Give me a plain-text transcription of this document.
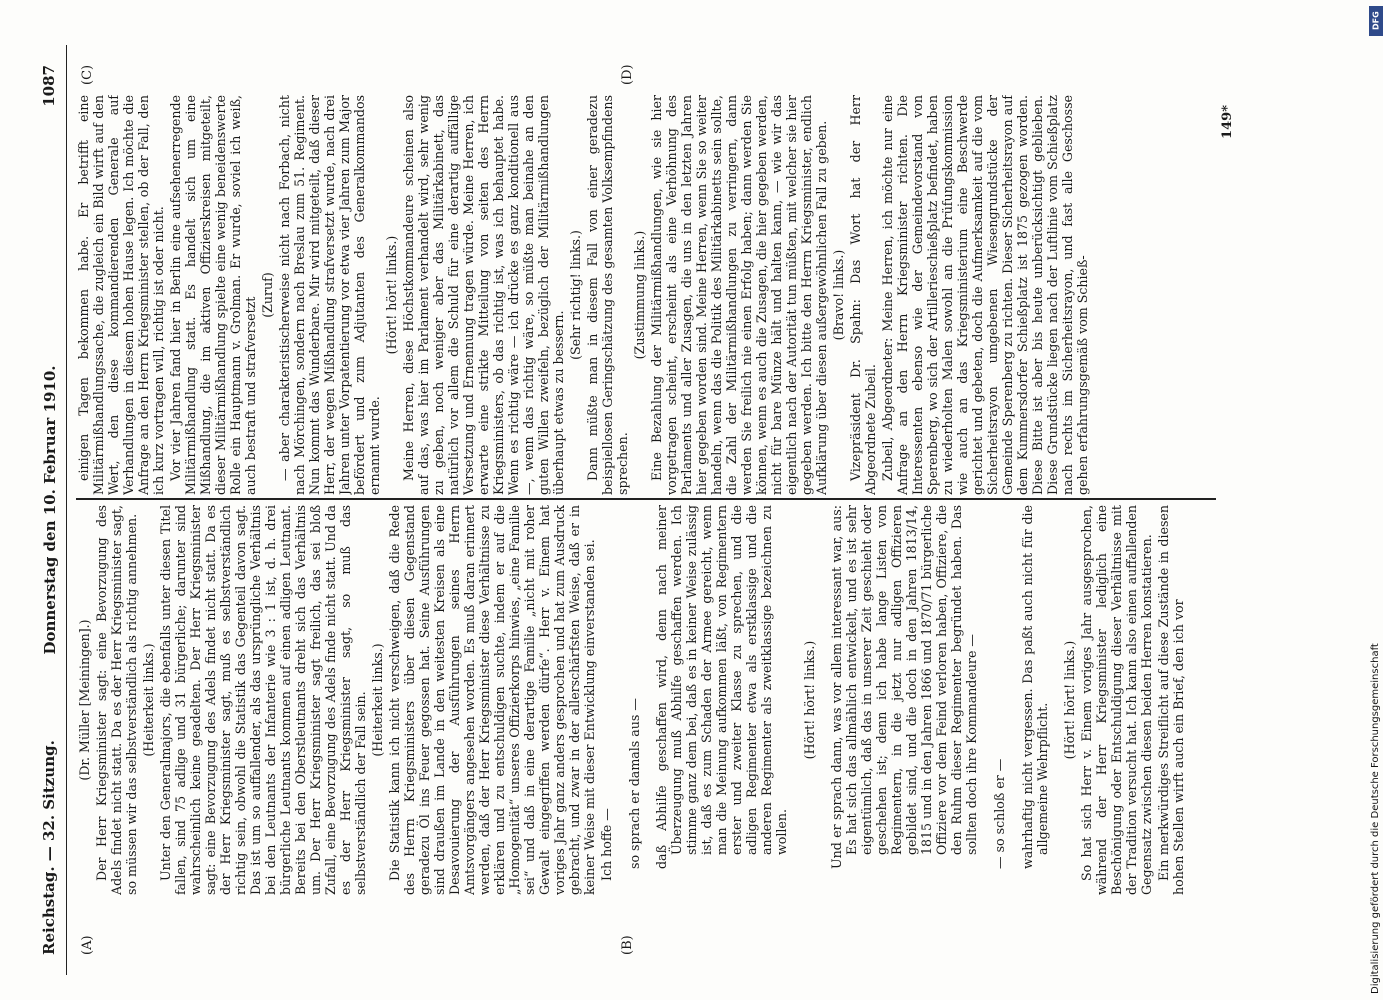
Reichstag. — 32. Sitzung.
Donnerstag den 10. Februar 1910.
1087
(A)	(B)
(C)	(D)

(Dr. Müller [Meiningen].) Der Herr Kriegsminister sagt: eine Bevorzugung des Adels findet nicht statt. Da es der Herr Kriegsminister sagt, so müssen wir das selbstverständlich als richtig annehmen. (Heiterkeit links.) Unter den Generalmajors, die ebenfalls unter diesen Titel fallen, sind 75 adlige und 31 bürgerliche; darunter sind wahrscheinlich keine geadelten. Der Herr Kriegsminister sagt: eine Bevorzugung des Adels findet nicht statt. Da es der Herr Kriegsminister sagt, muß es selbstverständlich richtig sein, obwohl die Statistik das Gegenteil davon sagt. Das ist um so auffallender, als das ursprüngliche Verhältnis bei den Leutnants der Infanterie wie 3 : 1 ist, d. h. drei bürgerliche Leutnants kommen auf einen adligen Leutnant. Bereits bei den Oberstleutnants dreht sich das Verhältnis um. Der Herr Kriegsminister sagt freilich, das sei bloß Zufall, eine Bevorzugung des Adels finde nicht statt. Und da es der Herr Kriegsminister sagt, so muß das selbstverständlich der Fall sein. (Heiterkeit links.) Die Statistik kann ich nicht verschweigen, daß die Rede des Herrn Kriegsministers über diesen Gegenstand geradezu Öl ins Feuer gegossen hat. Seine Ausführungen sind draußen im Lande in den weitesten Kreisen als eine Desavouierung der Ausführungen seines Herrn Amtsvorgängers angesehen worden. Es muß daran erinnert werden, daß der Herr Kriegsminister diese Verhältnisse zu erklären und zu entschuldigen suchte, indem er auf die „Homogenität“ unseres Offizierkorps hinwies, „eine Familie sei“ und daß in eine derartige Familie „nicht mit roher Gewalt eingegriffen werden dürfe“. Herr v. Einem hat voriges Jahr ganz anders gesprochen und hat zum Ausdruck gebracht, und zwar in der allerschärfsten Weise, daß er in keiner Weise mit dieser Entwicklung einverstanden sei. Ich hoffe — so sprach er damals aus — daß Abhilfe geschaffen wird, denn nach meiner Überzeugung muß Abhilfe geschaffen werden. Ich stimme ganz dem bei, daß es in keiner Weise zulässig ist, daß es zum Schaden der Armee gereicht, wenn man die Meinung aufkommen läßt, von Regimentern erster und zweiter Klasse zu sprechen, und die adligen Regimenter etwa als erstklassige und die anderen Regimenter als zweitklassige bezeichnen zu wollen.

(Hört! hört! links.) Und er sprach dann, was vor allem interessant war, aus: Es hat sich das allmählich entwickelt, und es ist sehr eigentümlich, daß das in unserer Zeit geschieht oder geschehen ist; denn ich habe lange Listen von Regimentern, in die jetzt nur adligen Offizieren gebildet sind, und die doch in den Jahren 1813/14, 1815 und in den Jahren 1866 und 1870/71 bürgerliche Offiziere vor dem Feind verloren haben, Offiziere, die den Ruhm dieser Regimenter begründet haben. Das sollten doch ihre Kommandeure — — so schloß er — wahrhaftig nicht vergessen. Das paßt auch nicht für die allgemeine Wehrpflicht.

(Hört! hört! links.) So hat sich Herr v. Einem voriges Jahr ausgesprochen, während der Herr Kriegsminister lediglich eine Beschönigung oder Entschuldigung dieser Verhältnisse mit der Tradition versucht hat. Ich kann also einen auffallenden Gegensatz zwischen diesen beiden Herren konstatieren. Ein merkwürdiges Streiflicht auf diese Zustände in diesen hohen Stellen wirft auch ein Brief, den ich vor

einigen Tagen bekommen habe. Er betrifft eine Militärmißhandlungssache, die zugleich ein Bild wirft auf den Wert, den diese kommandierenden Generale auf Verhandlungen in diesem hohen Hause legen. Ich möchte die Anfrage an den Herrn Kriegsminister stellen, ob der Fall, den ich kurz vortragen will, richtig ist oder nicht. Vor vier Jahren fand hier in Berlin eine aufsehenerregende Militärmißhandlung statt. Es handelt sich um eine Mißhandlung, die im aktiven Offizierskreisen mitgeteilt, dieser Militärmißhandlung spielte eine wenig beneidenswerte Rolle ein Hauptmann v. Grolman. Er wurde, soviel ich weiß, auch bestraft und strafversetzt

(Zuruf) — aber charakteristischerweise nicht nach Forbach, nicht nach Mörchingen, sondern nach Breslau zum 51. Regiment. Nun kommt das Wunderbare. Mir wird mitgeteilt, daß dieser Herr, der wegen Mißhandlung strafversetzt wurde, nach drei Jahren unter Vorpatentierung vor etwa vier Jahren zum Major befördert und zum Adjutanten des Generalkommandos ernannt wurde.

(Hört! hört! links.) Meine Herren, diese Höchstkommandeure scheinen also auf das, was hier im Parlament verhandelt wird, sehr wenig zu geben, noch weniger aber das Militärkabinett, das natürlich vor allem die Schuld für eine derartig auffällige Versetzung und Ernennung tragen würde. Meine Herren, ich erwarte eine strikte Mitteilung von seiten des Herrn Kriegsministers, ob das richtig ist, was ich behauptet habe. Wenn es richtig wäre — ich drücke es ganz konditionell aus —, wenn das richtig wäre, so müßte man beinahe an den guten Willen zweifeln, bezüglich der Militärmißhandlungen überhaupt etwas zu bessern.

(Sehr richtig! links.) Dann müßte man in diesem Fall von einer geradezu beispiellosen Geringschätzung des gesamten Volksempfindens sprechen.

(Zustimmung links.) Eine Bezahlung der Militärmißhandlungen, wie sie hier vorgetragen scheint, erscheint als eine Verhöhnung des Parlaments und aller Zusagen, die uns in den letzten Jahren hier gegeben worden sind. Meine Herren, wenn Sie so weiter handeln, wenn das die Politik des Militärkabinetts sein sollte, die Zahl der Militärmißhandlungen zu verringern, dann werden Sie freilich nie einen Erfolg haben; dann werden Sie können, wenn es auch die Zusagen, die hier gegeben werden, nicht für bare Münze hält und halten kann, — wie wir das eigentlich nach der Autorität tun müßten, mit welcher sie hier gegeben werden. Ich bitte den Herrn Kriegsminister, endlich Aufklärung über diesen außergewöhnlichen Fall zu geben. (Bravo! links.) Vizepräsident Dr. Spahn: Das Wort hat der Herr Abgeordnete Zubeil. Zubeil, Abgeordneter: Meine Herren, ich möchte nur eine Anfrage an den Herrn Kriegsminister richten. Die Interessenten ebenso wie der Gemeindevorstand von Sperenberg, wo sich der Artillerieschießplatz befindet, haben zu wiederholten Malen sowohl an die Prüfungskommission wie auch an das Kriegsministerium eine Beschwerde gerichtet und gebeten, doch die Aufmerksamkeit auf die vom Sicherheitsrayon umgebenen Wiesengrundstücke der Gemeinde Sperenberg zu richten. Dieser Sicherheitsrayon auf dem Kummersdorfer Schießplatz ist 1875 gezogen worden. Diese Bitte ist aber bis heute unberücksichtigt geblieben. Diese Grundstücke liegen nach der Luftlinie vom Schießplatz nach rechts im Sicherheitsrayon, und fast alle Geschosse gehen erfahrungsgemäß vom Schieß-

149*
Digitalisierung gefördert durch die Deutsche Forschungsgemeinschaft
DFG
